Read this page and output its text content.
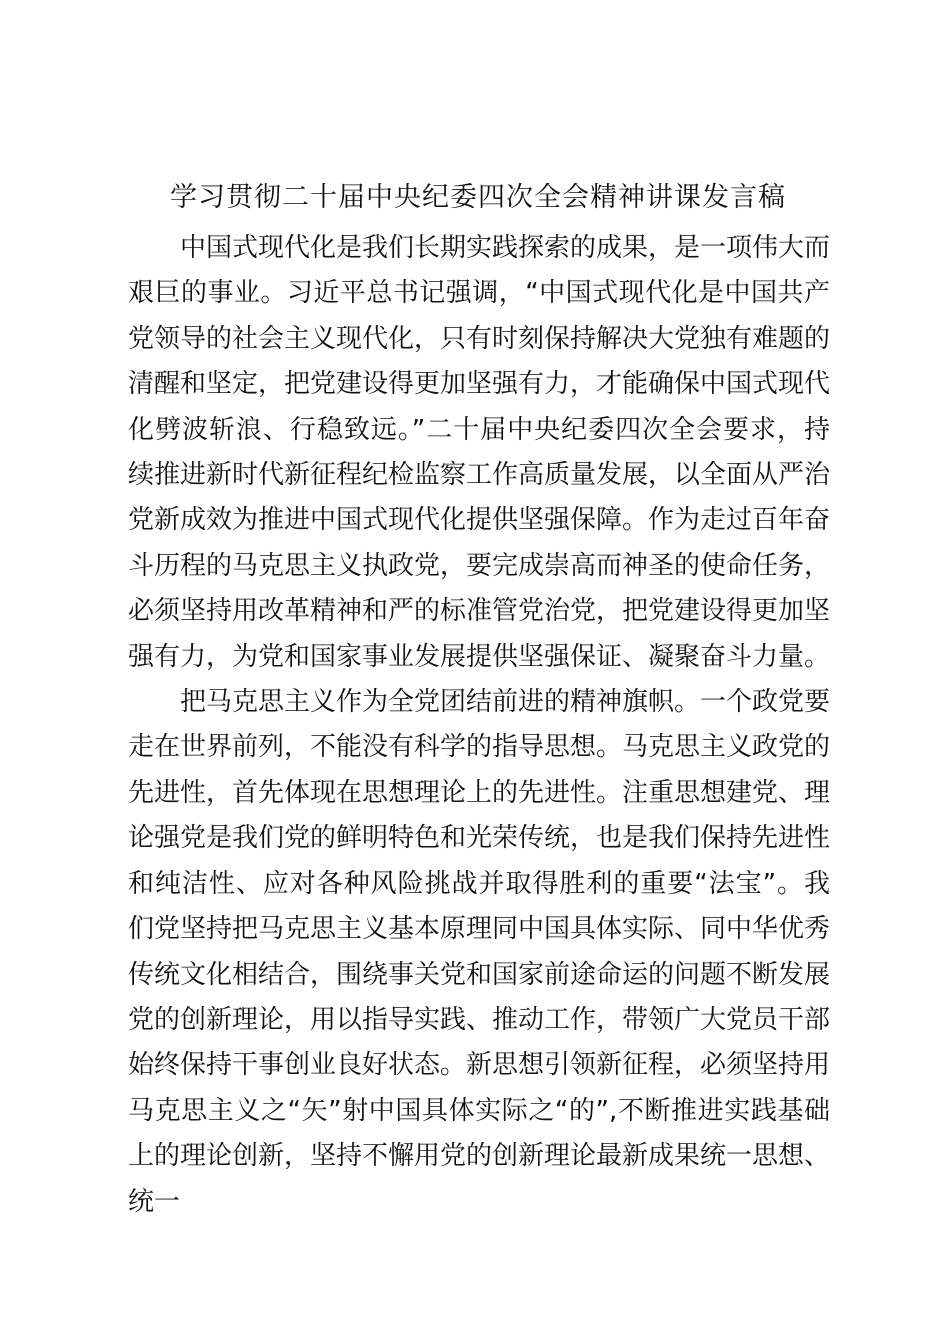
学习贯彻二十届中央纪委四次全会精神讲课发言稿

中国式现代化是我们长期实践探索的成果，是一项伟大而艰巨的事业。习近平总书记强调，“中国式现代化是中国共产党领导的社会主义现代化，只有时刻保持解决大党独有难题的清醒和坚定，把党建设得更加坚强有力，才能确保中国式现代化劈波斩浪、行稳致远。”二十届中央纪委四次全会要求，持续推进新时代新征程纪检监察工作高质量发展，以全面从严治党新成效为推进中国式现代化提供坚强保障。作为走过百年奋斗历程的马克思主义执政党，要完成崇高而神圣的使命任务，必须坚持用改革精神和严的标准管党治党，把党建设得更加坚强有力，为党和国家事业发展提供坚强保证、凝聚奋斗力量。

把马克思主义作为全党团结前进的精神旗帜。一个政党要走在世界前列，不能没有科学的指导思想。马克思主义政党的先进性，首先体现在思想理论上的先进性。注重思想建党、理论强党是我们党的鲜明特色和光荣传统，也是我们保持先进性和纯洁性、应对各种风险挑战并取得胜利的重要“法宝”。我们党坚持把马克思主义基本原理同中国具体实际、同中华优秀传统文化相结合，围绕事关党和国家前途命运的问题不断发展党的创新理论，用以指导实践、推动工作，带领广大党员干部始终保持干事创业良好状态。新思想引领新征程，必须坚持用马克思主义之“矢”射中国具体实际之“的”,不断推进实践基础上的理论创新，坚持不懈用党的创新理论最新成果统一思想、统一
